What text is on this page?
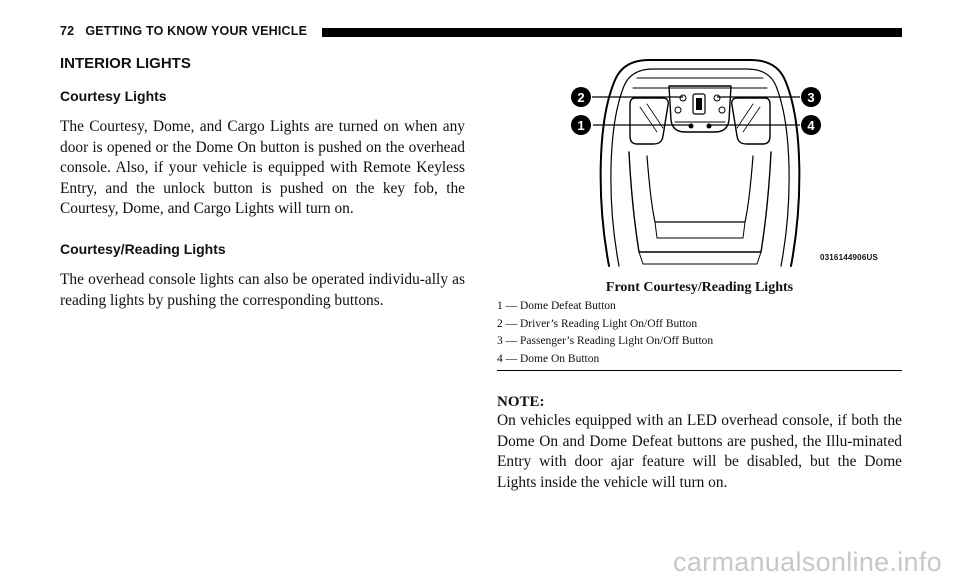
72 GETTING TO KNOW YOUR VEHICLE
INTERIOR LIGHTS
Courtesy Lights
The Courtesy, Dome, and Cargo Lights are turned on when any door is opened or the Dome On button is pushed on the overhead console. Also, if your vehicle is equipped with Remote Keyless Entry, and the unlock button is pushed on the key fob, the Courtesy, Dome, and Cargo Lights will turn on.
Courtesy/Reading Lights
The overhead console lights can also be operated individu-ally as reading lights by pushing the corresponding buttons.
2
1
3
4
0316144906US
Front Courtesy/Reading Lights
1 — Dome Defeat Button
2 — Driver’s Reading Light On/Off Button
3 — Passenger’s Reading Light On/Off Button
4 — Dome On Button
NOTE:
On vehicles equipped with an LED overhead console, if both the Dome On and Dome Defeat buttons are pushed, the Illu-minated Entry with door ajar feature will be disabled, but the Dome Lights inside the vehicle will turn on.
carmanualsonline.info
